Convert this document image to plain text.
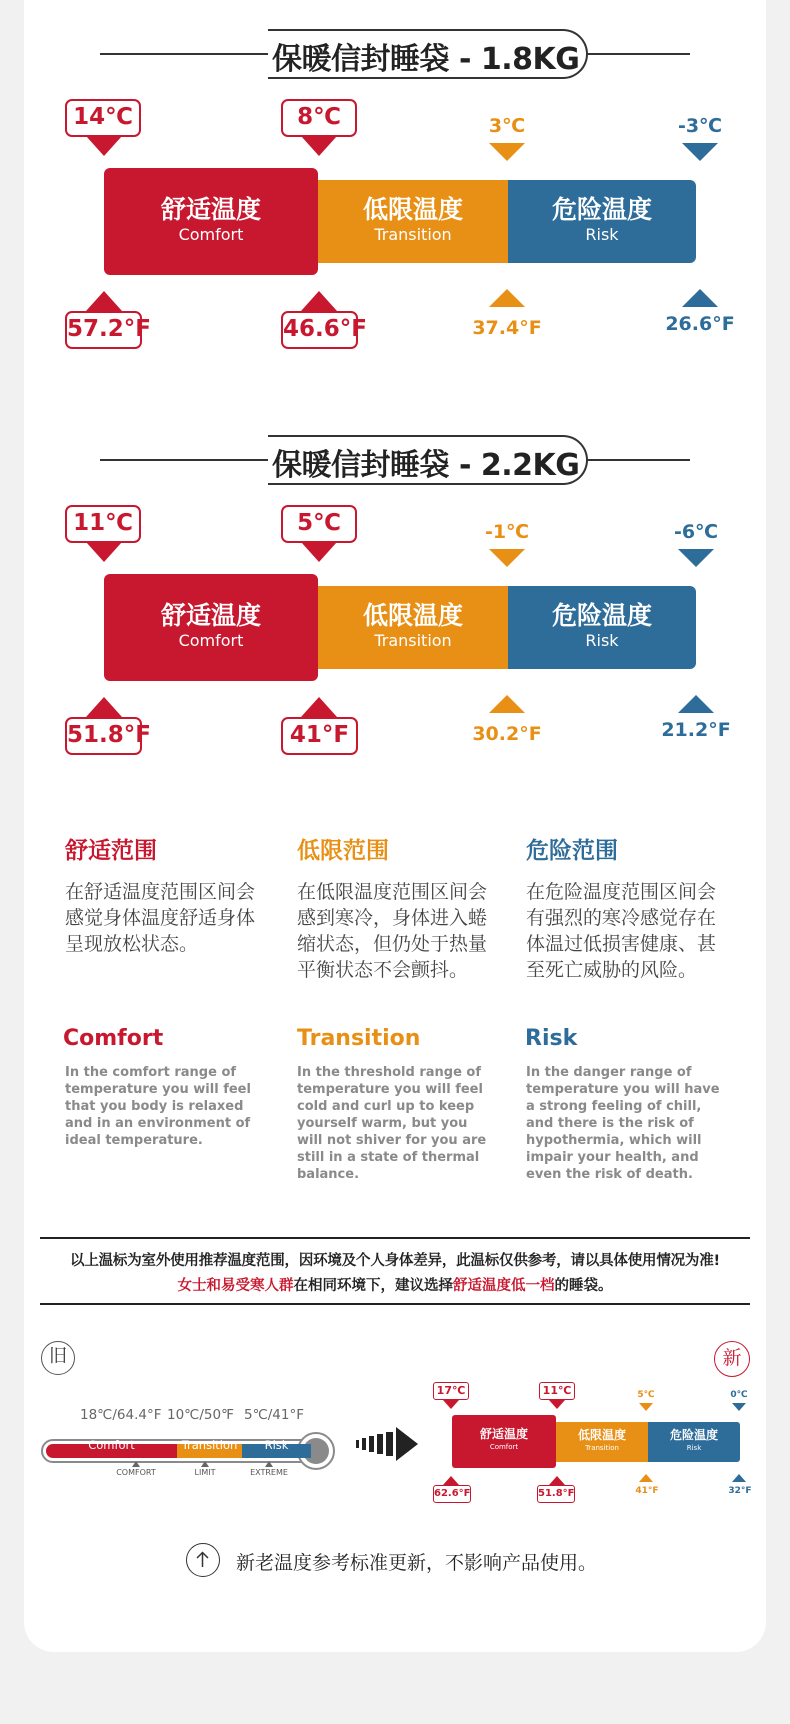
保暖信封睡袋 - 1.8KG
14℃	8℃	3℃	-3℃
舒适温度
Comfort
低限温度
Transition
危险温度
Risk
57.2°F	46.6°F	37.4°F	26.6°F
保暖信封睡袋 - 2.2KG
11℃	5℃	-1℃	-6℃
舒适温度
Comfort
低限温度
Transition
危险温度
Risk
51.8°F	41°F	30.2°F	21.2°F
舒适范围
在舒适温度范围区间会感觉身体温度舒适身体呈现放松状态。
Comfort
In the comfort range of temperature you will feel that you body is relaxed and in an environment of ideal temperature.
低限范围
在低限温度范围区间会感到寒冷，身体进入蜷缩状态，但仍处于热量平衡状态不会颤抖。
Transition
In the threshold range of temperature you will feel cold and curl up to keep yourself warm, but you will not shiver for you are still in a state of thermal balance.
危险范围
在危险温度范围区间会有强烈的寒冷感觉存在体温过低损害健康、甚至死亡威胁的风险。
Risk
In the danger range of temperature you will have a strong feeling of chill, and there is the risk of hypothermia, which will impair your health, and even the risk of death.
以上温标为室外使用推荐温度范围，因环境及个人身体差异，此温标仅供参考，请以具体使用情况为准!
女士和易受寒人群在相同环境下，建议选择舒适温度低一档的睡袋。
旧	新
18℃/64.4°F 10℃/50℉ 5℃/41°F
Comfort	Transition	Risk
COMFORT	LIMIT	EXTREME
17℃	11℃	5℃	0℃
舒适温度
Comfort
低限温度
Transition
危险温度
Risk
62.6°F	51.8°F	41°F	32°F
新老温度参考标准更新，不影响产品使用。
